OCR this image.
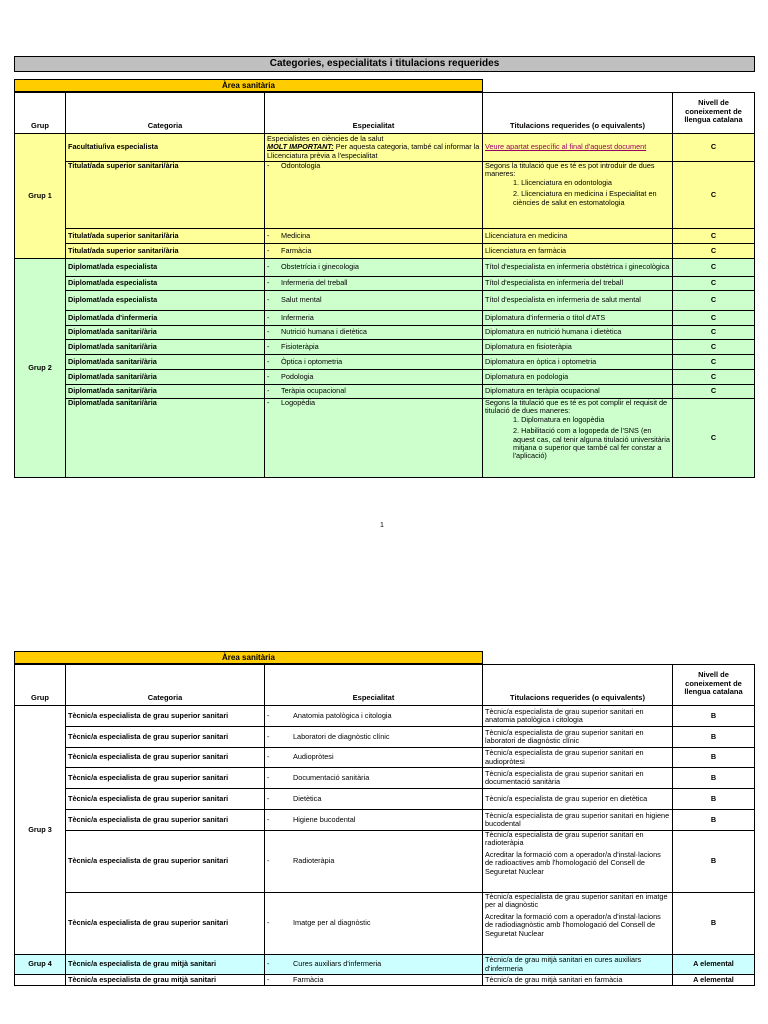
Categories, especialitats i titulacions requerides
Àrea sanitària
Grup	Categoria	Especialitat	Titulacions requerides (o equivalents)	Nivell de coneixement de llengua catalana
Grup 1	Facultatiu/iva especialista	Especialistes en ciències de la salut
MOLT IMPORTANT: Per aquesta categoria, també cal informar la Llicenciatura prèvia a l'especialitat	Veure apartat específic al final d'aquest document	C
	Titulat/ada superior sanitari/ària	- Odontologia	Segons la titulació que es té es pot introduir de dues maneres:
1. Llicenciatura en odontologia
2. Llicenciatura en medicina i Especialitat en ciències de salut en estomatologia	C
	Titulat/ada superior sanitari/ària	- Medicina	Llicenciatura en medicina	C
	Titulat/ada superior sanitari/ària	- Farmàcia	Llicenciatura en farmàcia	C
Grup 2	Diplomat/ada especialista	- Obstetrícia i ginecologia	Títol d'especialista en infermeria obstètrica i ginecològica	C
	Diplomat/ada especialista	- Infermeria del treball	Títol d'especialista en infermeria del treball	C
	Diplomat/ada especialista	- Salut mental	Títol d'especialista en infermeria de salut mental	C
	Diplomat/ada d'infermeria	- Infermeria	Diplomatura d'infermeria o títol d'ATS	C
	Diplomat/ada sanitari/ària	- Nutrició humana i dietètica	Diplomatura en nutrició humana i dietètica	C
	Diplomat/ada sanitari/ària	- Fisioteràpia	Diplomatura en fisioteràpia	C
	Diplomat/ada sanitari/ària	- Òptica i optometria	Diplomatura en òptica i optometria	C
	Diplomat/ada sanitari/ària	- Podologia	Diplomatura en podologia	C
	Diplomat/ada sanitari/ària	- Teràpia ocupacional	Diplomatura en teràpia ocupacional	C
	Diplomat/ada sanitari/ària	- Logopèdia	Segons la titulació que es té es pot complir el requisit de titulació de dues maneres:
1. Diplomatura en logopèdia
2. Habilitació com a logopeda de l'SNS (en aquest cas, cal tenir alguna titulació universitària mitjana o superior que també cal fer constar a l'aplicació)	C
1
Àrea sanitària
Grup	Categoria	Especialitat	Titulacions requerides (o equivalents)	Nivell de coneixement de llengua catalana
Grup 3	Tècnic/a especialista de grau superior sanitari	- Anatomia patològica i citologia	Tècnic/a especialista de grau superior sanitari en anatomia patològica i citologia	B
	Tècnic/a especialista de grau superior sanitari	- Laboratori de diagnòstic clínic	Tècnic/a especialista de grau superior sanitari en laboratori de diagnòstic clínic	B
	Tècnic/a especialista de grau superior sanitari	- Audiopròtesi	Tècnic/a especialista de grau superior sanitari en audiopròtesi	B
	Tècnic/a especialista de grau superior sanitari	- Documentació sanitària	Tècnic/a especialista de grau superior sanitari en documentació sanitària	B
	Tècnic/a especialista de grau superior sanitari	- Dietètica	Tècnic/a especialista de grau superior en dietètica	B
	Tècnic/a especialista de grau superior sanitari	- Higiene bucodental	Tècnic/a especialista de grau superior sanitari en higiene bucodental	B
	Tècnic/a especialista de grau superior sanitari	- Radioteràpia	Tècnic/a especialista de grau superior sanitari en radioteràpia
Acreditar la formació com a operador/a d'instal·lacions de radioactives amb l'homologació del Consell de Seguretat Nuclear	B
	Tècnic/a especialista de grau superior sanitari	- Imatge per al diagnòstic	Tècnic/a especialista de grau superior sanitari en imatge per al diagnòstic
Acreditar la formació com a operador/a d'instal·lacions de radiodiagnòstic amb l'homologació del Consell de Seguretat Nuclear	B
Grup 4	Tècnic/a especialista de grau mitjà sanitari	- Cures auxiliars d'infermeria	Tècnic/a de grau mitjà sanitari en cures auxiliars d'infermeria	A elemental
	Tècnic/a especialista de grau mitjà sanitari	- Farmàcia	Tècnic/a de grau mitjà sanitari en farmàcia	A elemental
